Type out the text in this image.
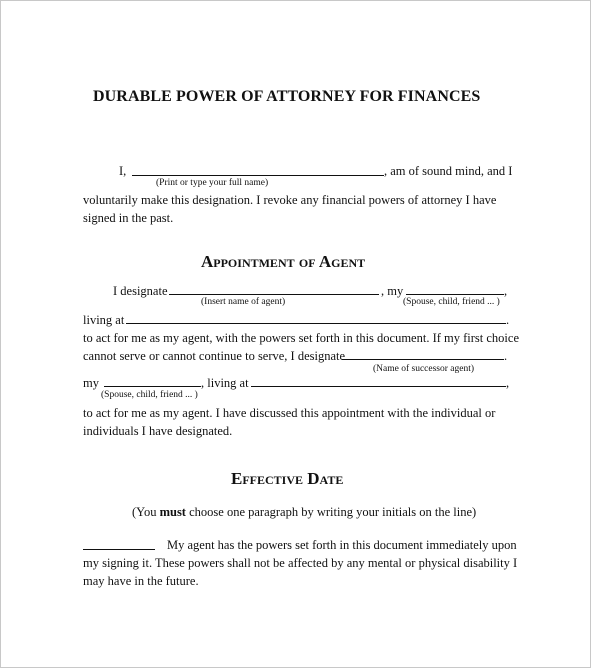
DURABLE POWER OF ATTORNEY FOR FINANCES
I,	, am of sound mind, and I
(Print or type your full name)
voluntarily make this designation. I revoke any financial powers of attorney I have
signed in the past.
Appointment of Agent
I designate	, my	,
(Insert name of agent)	(Spouse, child, friend ... )
living at	.
to act for me as my agent, with the powers set forth in this document. If my first choice
cannot serve or cannot continue to serve, I designate	.
(Name of successor agent)
my	, living at	,
(Spouse, child, friend ... )
to act for me as my agent. I have discussed this appointment with the individual or
individuals I have designated.
Effective Date
(You must choose one paragraph by writing your initials on the line)
My agent has the powers set forth in this document immediately upon
my signing it. These powers shall not be affected by any mental or physical disability I
may have in the future.
